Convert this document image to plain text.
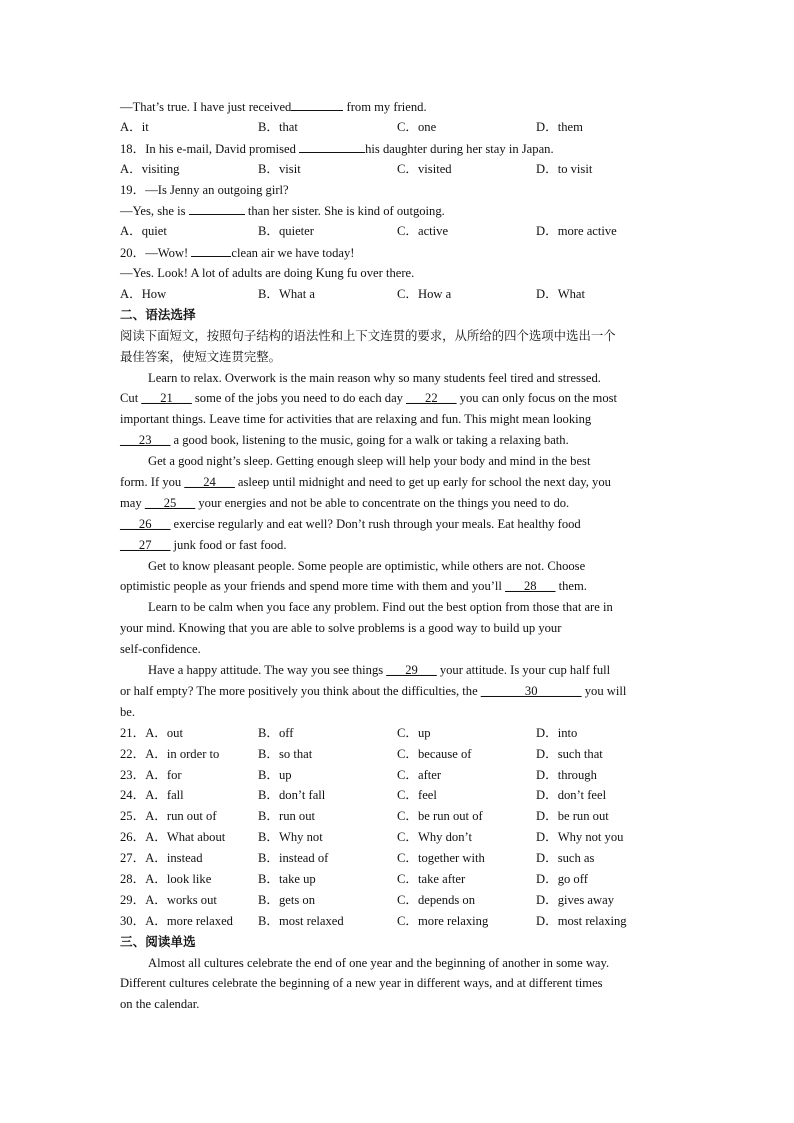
—That’s true. I have just received	from my friend.
A．it	B．that	C．one	D．them
18．In his e-mail, David promised	his daughter during her stay in Japan.
A．visiting	B．visit	C．visited	D．to visit
19．—Is Jenny an outgoing girl?
—Yes, she is	than her sister. She is kind of outgoing.
A．quiet	B．quieter	C．active	D．more active
20．—Wow!	clean air we have today!
—Yes. Look! A lot of adults are doing Kung fu over there.
A．How	B．What a	C．How a	D．What
二、语法选择
阅读下面短文，按照句子结构的语法性和上下文连贯的要求，从所给的四个选项中选出一个
最佳答案，使短文连贯完整。
Learn to relax. Overwork is the main reason why so many students feel tired and stressed.
Cut ___21___ some of the jobs you need to do each day ___22___ you can only focus on the most
important things. Leave time for activities that are relaxing and fun. This might mean looking
___23___ a good book, listening to the music, going for a walk or taking a relaxing bath.
Get a good night’s sleep. Getting enough sleep will help your body and mind in the best
form. If you ___24___ asleep until midnight and need to get up early for school the next day, you
may ___25___ your energies and not be able to concentrate on the things you need to do.
___26___ exercise regularly and eat well? Don’t rush through your meals. Eat healthy food
___27___ junk food or fast food.
Get to know pleasant people. Some people are optimistic, while others are not. Choose
optimistic people as your friends and spend more time with them and you’ll ___28___ them.
Learn to be calm when you face any problem. Find out the best option from those that are in
your mind. Knowing that you are able to solve problems is a good way to build up your
self-confidence.
Have a happy attitude. The way you see things ___29___ your attitude. Is your cup half full
or half empty? The more positively you think about the difficulties, the _______30_______ you will
be.
21．A．out	B．off	C．up	D．into
22．A．in order to	B．so that	C．because of	D．such that
23．A．for	B．up	C．after	D．through
24．A．fall	B．don’t fall	C．feel	D．don’t feel
25．A．run out of	B．run out	C．be run out of	D．be run out
26．A．What about	B．Why not	C．Why don’t	D．Why not you
27．A．instead	B．instead of	C．together with	D．such as
28．A．look like	B．take up	C．take after	D．go off
29．A．works out	B．gets on	C．depends on	D．gives away
30．A．more relaxed	B．most relaxed	C．more relaxing	D．most relaxing
三、阅读单选
Almost all cultures celebrate the end of one year and the beginning of another in some way.
Different cultures celebrate the beginning of a new year in different ways, and at different times
on the calendar.
